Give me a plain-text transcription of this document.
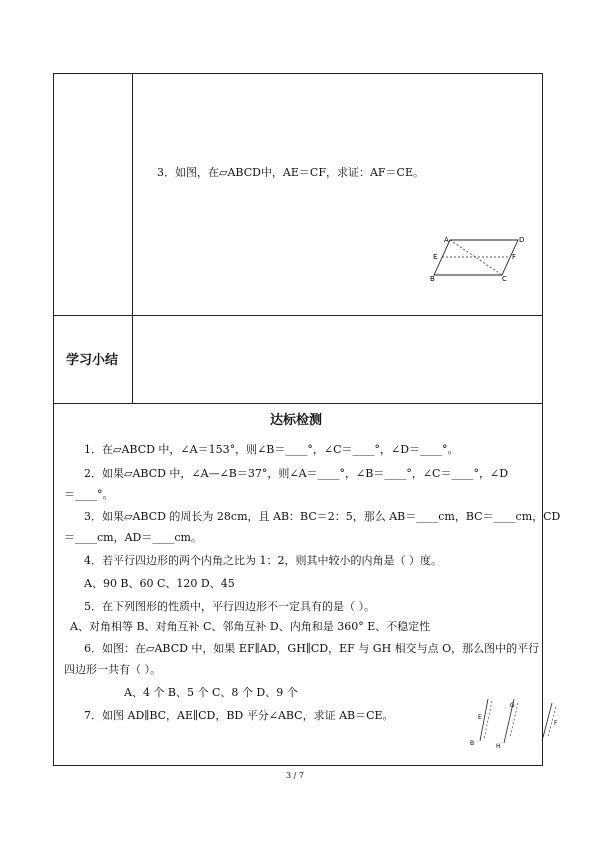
3．如图，在▱ABCD中，AE＝CF，求证：AF＝CE。
A	D
E	F
B	C
学习小结
达标检测
1．在▱ABCD 中，∠A＝153°，则∠B＝____°，∠C＝____°，∠D＝____°。
2．如果▱ABCD 中，∠A—∠B＝37°，则∠A＝____°，∠B＝____°，∠C＝____°，∠D
＝____°。
3．如果▱ABCD 的周长为 28cm，且 AB：BC＝2：5，那么 AB＝____cm，BC＝____cm，CD
＝____cm，AD＝____cm。
4．若平行四边形的两个内角之比为 1：2，则其中较小的内角是（ ）度。
A、90 B、60 C、120 D、45
5．在下列图形的性质中，平行四边形不一定具有的是（ ）。
A、对角相等 B、对角互补 C、邻角互补 D、内角和是 360° E、不稳定性
6．如图：在▱ABCD 中，如果 EF∥AD，GH∥CD，EF 与 GH 相交与点 O，那么图中的平行
四边形一共有（ ）。
A、4 个 B、5 个 C、8 个 D、9 个
7．如图 AD∥BC，AE∥CD，BD 平分∠ABC，求证 AB＝CE。	E
G
F
B	H
3 / 7
